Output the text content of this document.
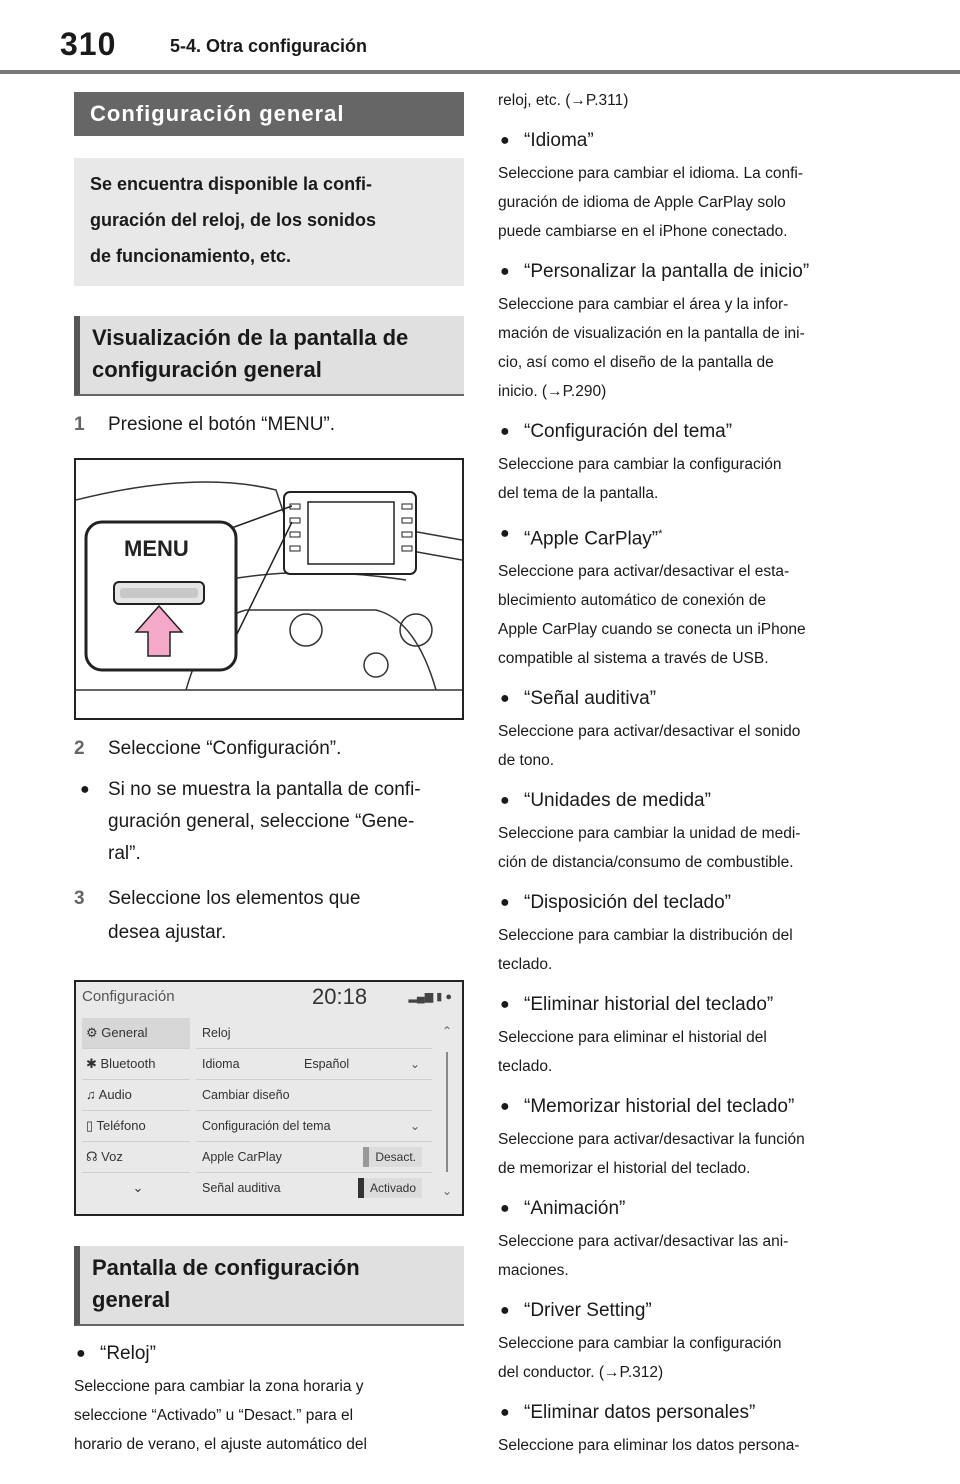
310	5-4. Otra configuración
Configuración general
Se encuentra disponible la confi-
guración del reloj, de los sonidos
de funcionamiento, etc.
Visualización de la pantalla de
configuración general
1 Presione el botón “MENU”.
MENU
2 Seleccione “Configuración”.
● Si no se muestra la pantalla de confi-
guración general, seleccione “Gene-
ral”.
3 Seleccione los elementos que
desea ajustar.
Configuración	20:18	▂▄▆ ▮ ●
⚙ General
✱ Bluetooth
♫ Audio
▯ Teléfono
☊ Voz
⌄
Reloj
Idioma	Español	⌄
Cambiar diseño
Configuración del tema	⌄
Apple CarPlay	Desact.
Señal auditiva	Activado
⌃
⌄
Pantalla de configuración
general
● “Reloj”
Seleccione para cambiar la zona horaria y
seleccione “Activado” u “Desact.” para el
horario de verano, el ajuste automático del
reloj, etc. (→P.311)
● “Idioma”
Seleccione para cambiar el idioma. La confi-
guración de idioma de Apple CarPlay solo
puede cambiarse en el iPhone conectado.
● “Personalizar la pantalla de inicio”
Seleccione para cambiar el área y la infor-
mación de visualización en la pantalla de ini-
cio, así como el diseño de la pantalla de
inicio. (→P.290)
● “Configuración del tema”
Seleccione para cambiar la configuración
del tema de la pantalla.
● “Apple CarPlay”*
Seleccione para activar/desactivar el esta-
blecimiento automático de conexión de
Apple CarPlay cuando se conecta un iPhone
compatible al sistema a través de USB.
● “Señal auditiva”
Seleccione para activar/desactivar el sonido
de tono.
● “Unidades de medida”
Seleccione para cambiar la unidad de medi-
ción de distancia/consumo de combustible.
● “Disposición del teclado”
Seleccione para cambiar la distribución del
teclado.
● “Eliminar historial del teclado”
Seleccione para eliminar el historial del
teclado.
● “Memorizar historial del teclado”
Seleccione para activar/desactivar la función
de memorizar el historial del teclado.
● “Animación”
Seleccione para activar/desactivar las ani-
maciones.
● “Driver Setting”
Seleccione para cambiar la configuración
del conductor. (→P.312)
● “Eliminar datos personales”
Seleccione para eliminar los datos persona-
